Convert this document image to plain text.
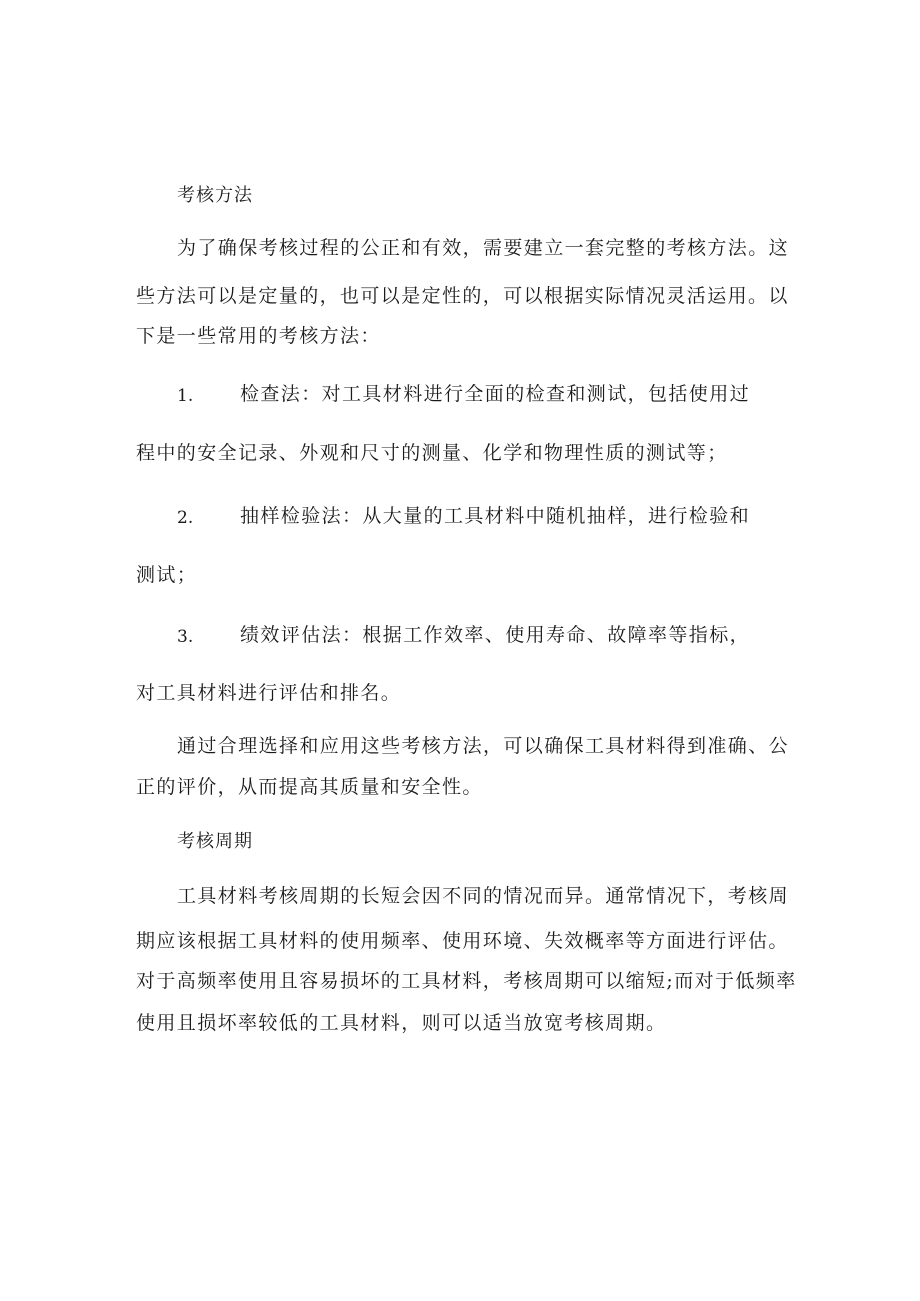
考核方法
为了确保考核过程的公正和有效，需要建立一套完整的考核方法。这
些方法可以是定量的，也可以是定性的，可以根据实际情况灵活运用。以
下是一些常用的考核方法：
1. 检查法：对工具材料进行全面的检查和测试，包括使用过
程中的安全记录、外观和尺寸的测量、化学和物理性质的测试等；
2. 抽样检验法：从大量的工具材料中随机抽样，进行检验和
测试；
3. 绩效评估法：根据工作效率、使用寿命、故障率等指标，
对工具材料进行评估和排名。
通过合理选择和应用这些考核方法，可以确保工具材料得到准确、公
正的评价，从而提高其质量和安全性。
考核周期
工具材料考核周期的长短会因不同的情况而异。通常情况下，考核周
期应该根据工具材料的使用频率、使用环境、失效概率等方面进行评估。
对于高频率使用且容易损坏的工具材料，考核周期可以缩短;而对于低频率
使用且损坏率较低的工具材料，则可以适当放宽考核周期。
